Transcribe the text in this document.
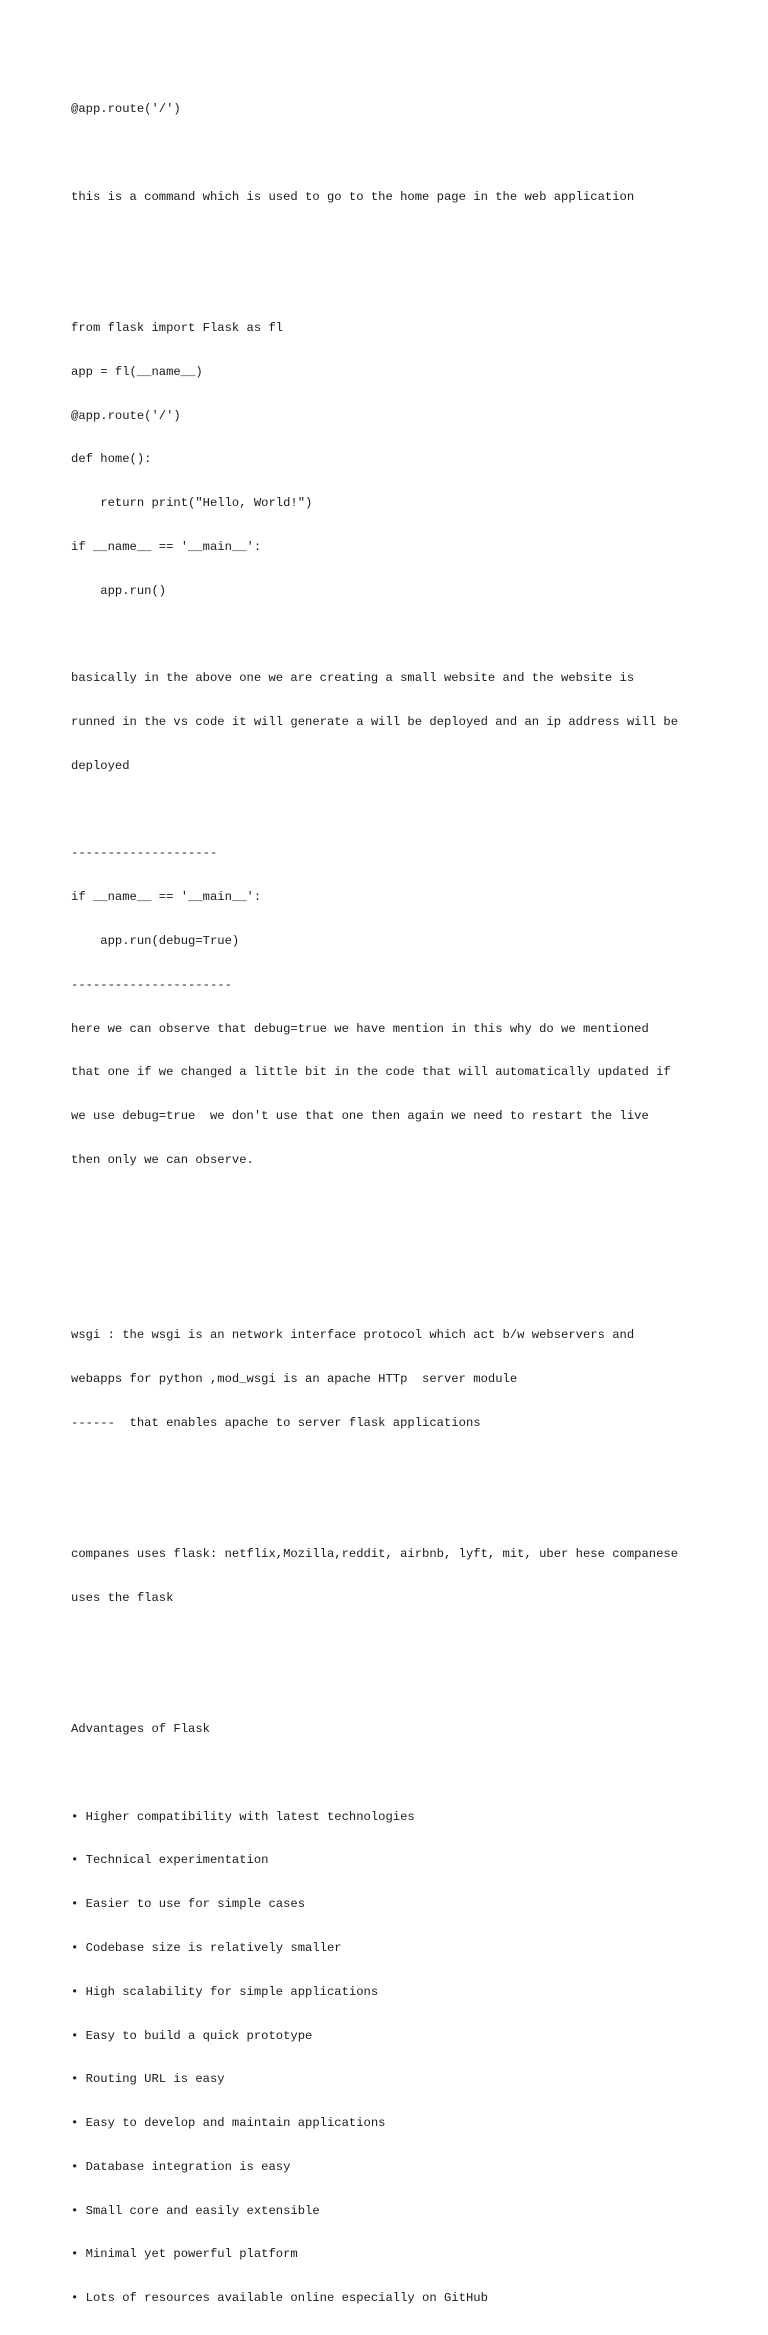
@app.route('/')

this is a command which is used to go to the home page in the web application

from flask import Flask as fl

app = fl(__name__)

@app.route('/')

def home():

return print("Hello, World!")

if __name__ == '__main__':

app.run()

basically in the above one we are creating a small website and the website is

runned in the vs code it will generate a will be deployed and an ip address will be

deployed

--------------------

if __name__ == '__main__':

app.run(debug=True)

----------------------

here we can observe that debug=true we have mention in this why do we mentioned

that one if we changed a little bit in the code that will automatically updated if

we use debug=true  we don't use that one then again we need to restart the live

then only we can observe.

wsgi : the wsgi is an network interface protocol which act b/w webservers and

webapps for python ,mod_wsgi is an apache HTTp  server module

------  that enables apache to server flask applications

companes uses flask: netflix,Mozilla,reddit, airbnb, lyft, mit, uber hese companese

uses the flask

Advantages of Flask

• Higher compatibility with latest technologies

• Technical experimentation

• Easier to use for simple cases

• Codebase size is relatively smaller

• High scalability for simple applications

• Easy to build a quick prototype

• Routing URL is easy

• Easy to develop and maintain applications

• Database integration is easy

• Small core and easily extensible

• Minimal yet powerful platform

• Lots of resources available online especially on GitHub
